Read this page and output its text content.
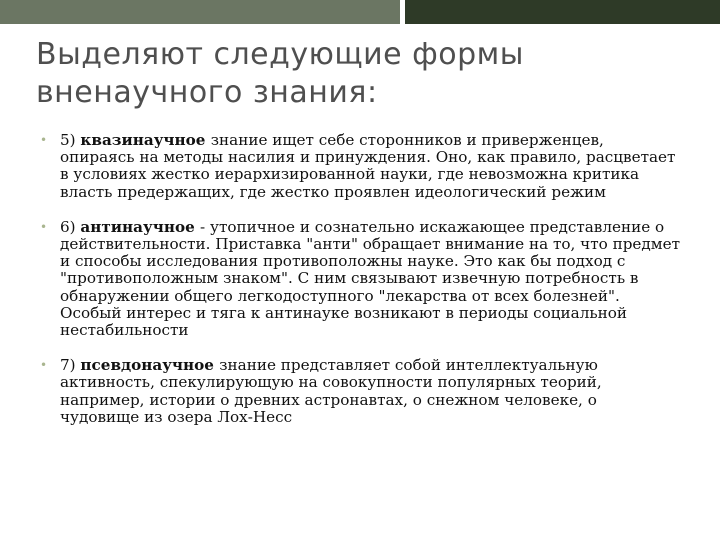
Выделяют следующие формы вненаучного знания:
• 5) квазинаучное знание ищет себе сторонников и приверженцев, опираясь на методы насилия и принуждения. Оно, как правило, расцветает в условиях жестко иерархизированной науки, где невозможна критика власть предержащих, где жестко проявлен идеологический режим
• 6) антинаучное - утопичное и сознательно искажающее представление о действительности. Приставка "анти" обращает внимание на то, что предмет и способы исследования противоположны науке. Это как бы подход с "противоположным знаком". С ним связывают извечную потребность в обнаружении общего легкодоступного "лекарства от всех болезней". Особый интерес и тяга к антинауке возникают в периоды социальной нестабильности
• 7) псевдонаучное знание представляет собой интеллектуальную активность, спекулирующую на совокупности популярных теорий, например, истории о древних астронавтах, о снежном человеке, о чудовище из озера Лох-Несс
